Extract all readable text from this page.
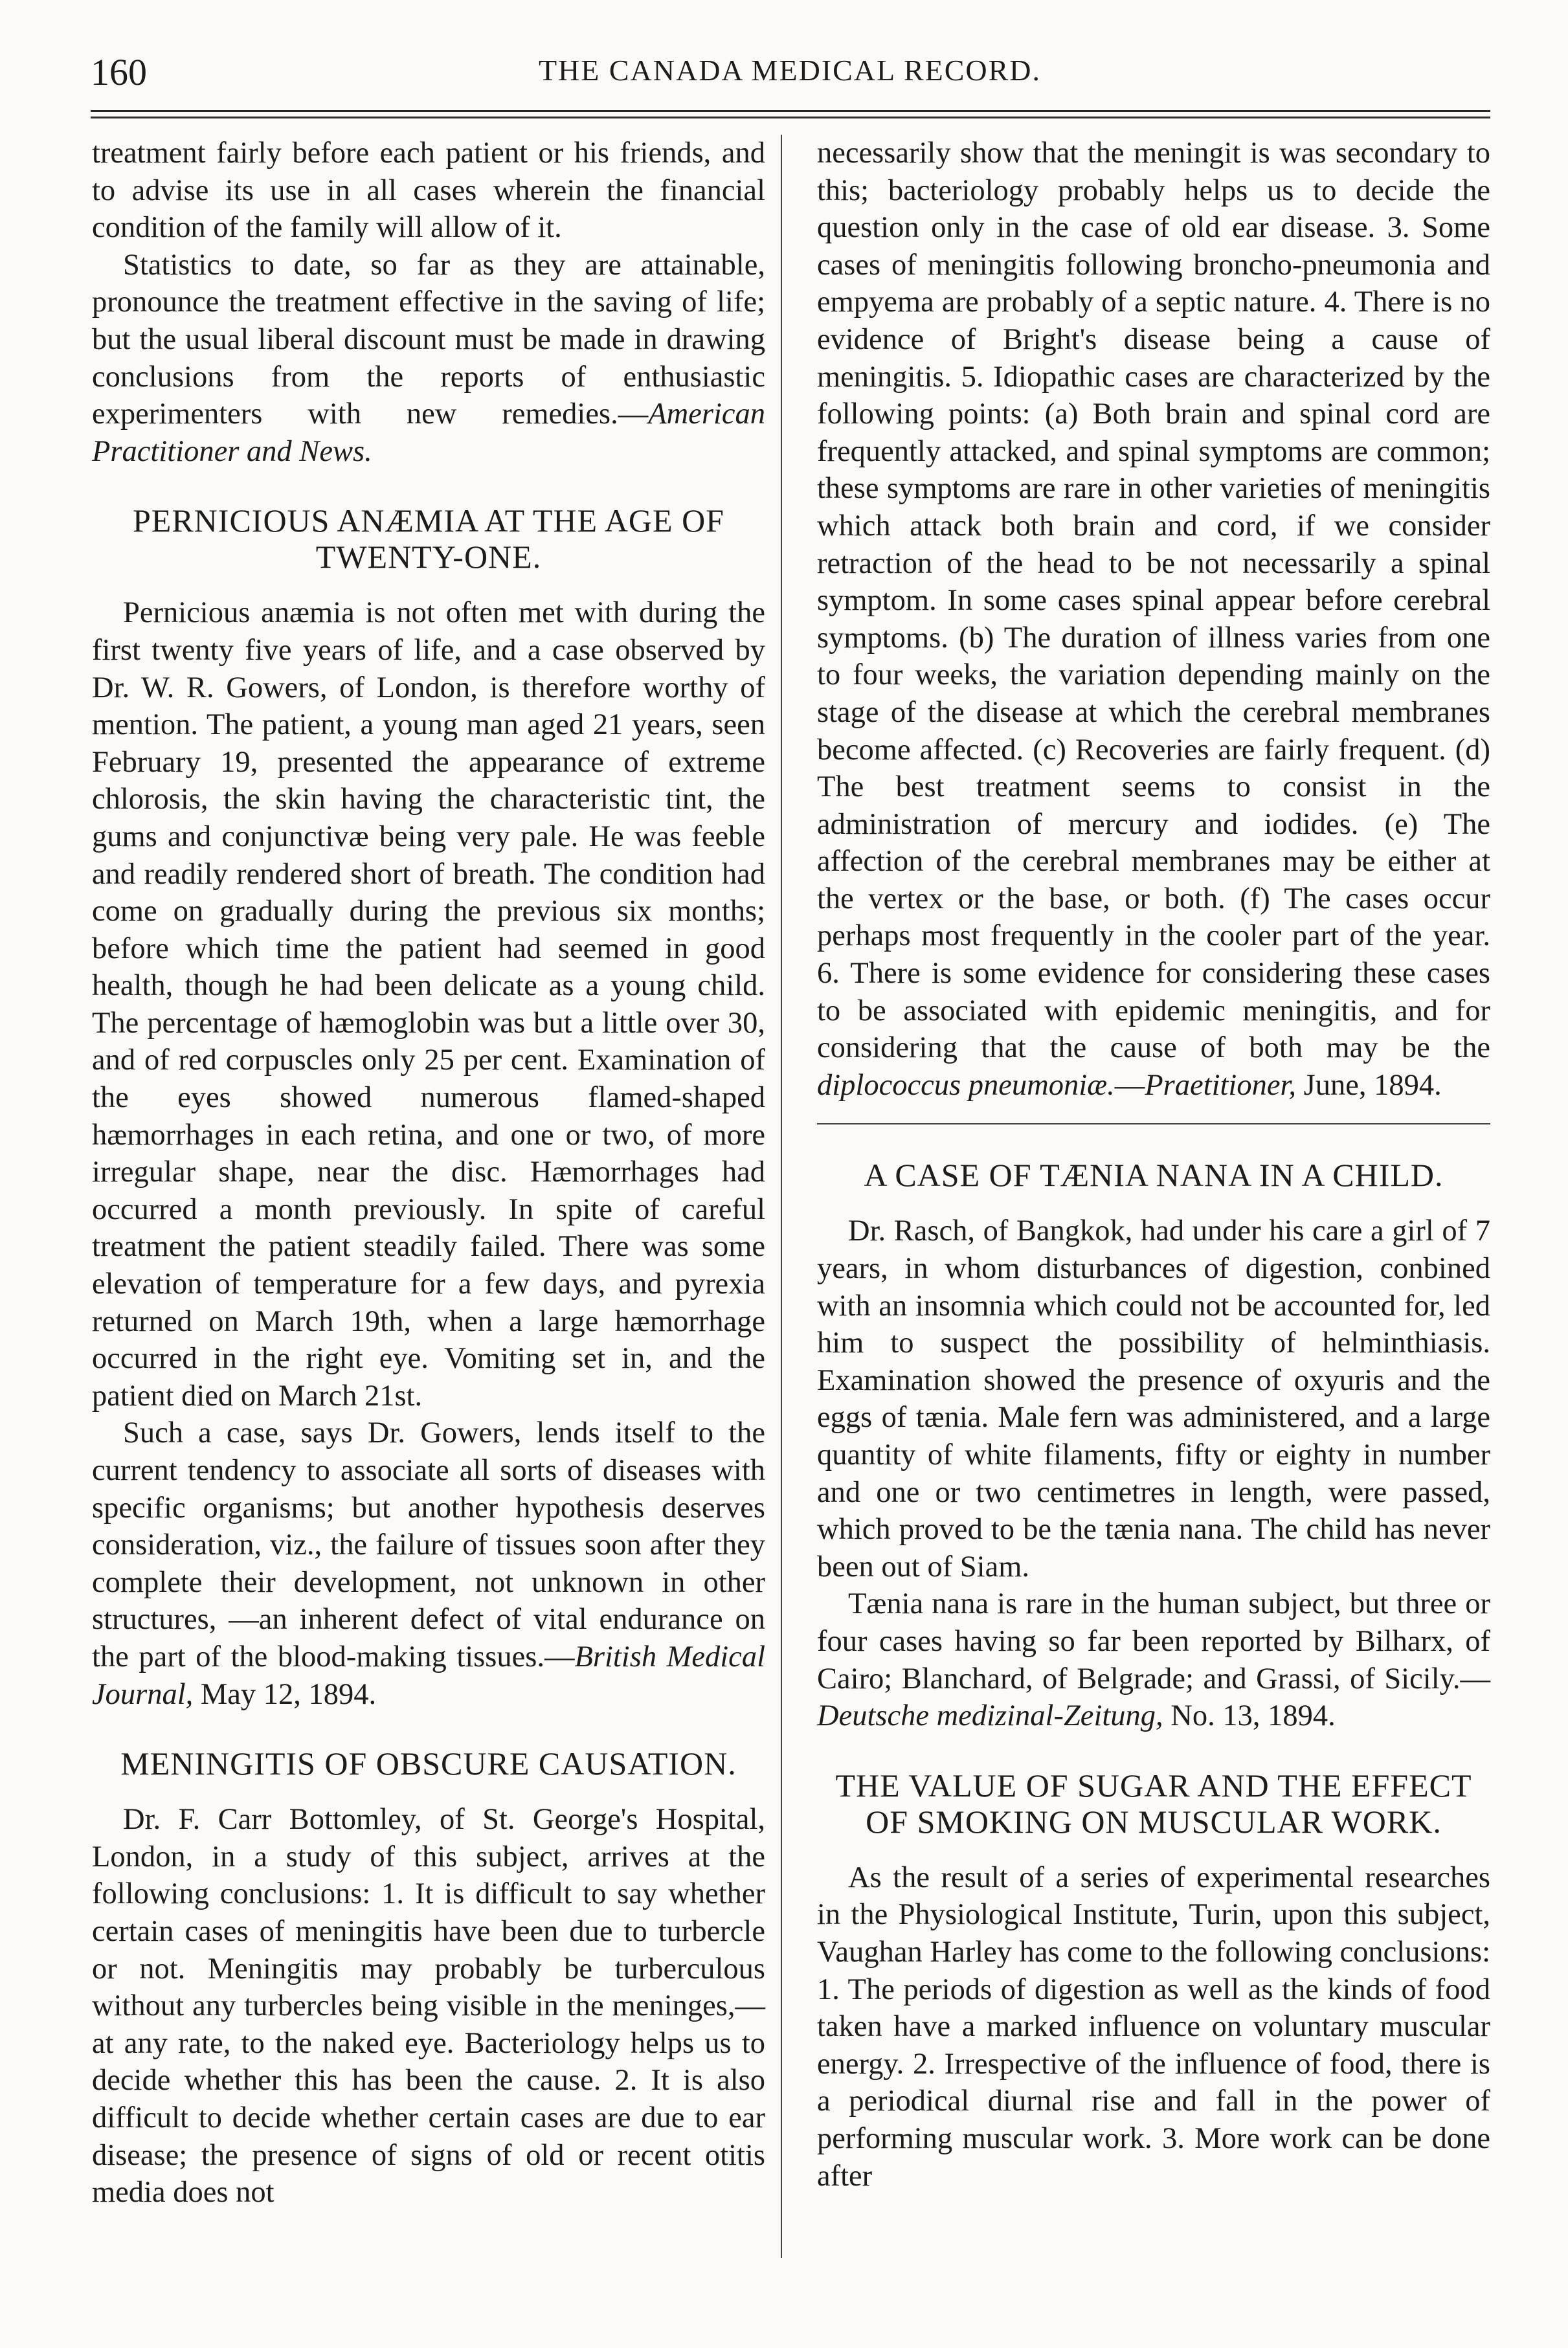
160	THE CANADA MEDICAL RECORD.

treatment fairly before each patient or his friends, and to advise its use in all cases wherein the financial condition of the family will allow of it.

Statistics to date, so far as they are attainable, pronounce the treatment effective in the saving of life; but the usual liberal discount must be made in drawing conclusions from the reports of enthusiastic experimenters with new remedies.—American Practitioner and News.

PERNICIOUS ANÆMIA AT THE AGE OF TWENTY-ONE.

Pernicious anæmia is not often met with during the first twenty five years of life, and a case observed by Dr. W. R. Gowers, of London, is therefore worthy of mention. The patient, a young man aged 21 years, seen February 19, presented the appearance of extreme chlorosis, the skin having the characteristic tint, the gums and conjunctivæ being very pale. He was feeble and readily rendered short of breath. The condition had come on gradually during the previous six months; before which time the patient had seemed in good health, though he had been delicate as a young child. The percentage of hæmoglobin was but a little over 30, and of red corpuscles only 25 per cent. Examination of the eyes showed numerous flamed-shaped hæmorrhages in each retina, and one or two, of more irregular shape, near the disc. Hæmorrhages had occurred a month previously. In spite of careful treatment the patient steadily failed. There was some elevation of temperature for a few days, and pyrexia returned on March 19th, when a large hæmorrhage occurred in the right eye. Vomiting set in, and the patient died on March 21st.

Such a case, says Dr. Gowers, lends itself to the current tendency to associate all sorts of diseases with specific organisms; but another hypothesis deserves consideration, viz., the failure of tissues soon after they complete their development, not unknown in other structures, —an inherent defect of vital endurance on the part of the blood-making tissues.—British Medical Journal, May 12, 1894.

MENINGITIS OF OBSCURE CAUSATION.

Dr. F. Carr Bottomley, of St. George's Hospital, London, in a study of this subject, arrives at the following conclusions: 1. It is difficult to say whether certain cases of meningitis have been due to turbercle or not. Meningitis may probably be turberculous without any turbercles being visible in the meninges,—at any rate, to the naked eye. Bacteriology helps us to decide whether this has been the cause. 2. It is also difficult to decide whether certain cases are due to ear disease; the presence of signs of old or recent otitis media does not

necessarily show that the meningit is was secondary to this; bacteriology probably helps us to decide the question only in the case of old ear disease. 3. Some cases of meningitis following broncho-pneumonia and empyema are probably of a septic nature. 4. There is no evidence of Bright's disease being a cause of meningitis. 5. Idiopathic cases are characterized by the following points: (a) Both brain and spinal cord are frequently attacked, and spinal symptoms are common; these symptoms are rare in other varieties of meningitis which attack both brain and cord, if we consider retraction of the head to be not necessarily a spinal symptom. In some cases spinal appear before cerebral symptoms. (b) The duration of illness varies from one to four weeks, the variation depending mainly on the stage of the disease at which the cerebral membranes become affected. (c) Recoveries are fairly frequent. (d) The best treatment seems to consist in the administration of mercury and iodides. (e) The affection of the cerebral membranes may be either at the vertex or the base, or both. (f) The cases occur perhaps most frequently in the cooler part of the year. 6. There is some evidence for considering these cases to be associated with epidemic meningitis, and for considering that the cause of both may be the diplococcus pneumoniæ.—Praetitioner, June, 1894.

A CASE OF TÆNIA NANA IN A CHILD.

Dr. Rasch, of Bangkok, had under his care a girl of 7 years, in whom disturbances of digestion, conbined with an insomnia which could not be accounted for, led him to suspect the possibility of helminthiasis. Examination showed the presence of oxyuris and the eggs of tænia. Male fern was administered, and a large quantity of white filaments, fifty or eighty in number and one or two centimetres in length, were passed, which proved to be the tænia nana. The child has never been out of Siam.

Tænia nana is rare in the human subject, but three or four cases having so far been reported by Bilharx, of Cairo; Blanchard, of Belgrade; and Grassi, of Sicily.—Deutsche medizinal-Zeitung, No. 13, 1894.

THE VALUE OF SUGAR AND THE EFFECT OF SMOKING ON MUSCULAR WORK.

As the result of a series of experimental researches in the Physiological Institute, Turin, upon this subject, Vaughan Harley has come to the following conclusions: 1. The periods of digestion as well as the kinds of food taken have a marked influence on voluntary muscular energy. 2. Irrespective of the influence of food, there is a periodical diurnal rise and fall in the power of performing muscular work. 3. More work can be done after
